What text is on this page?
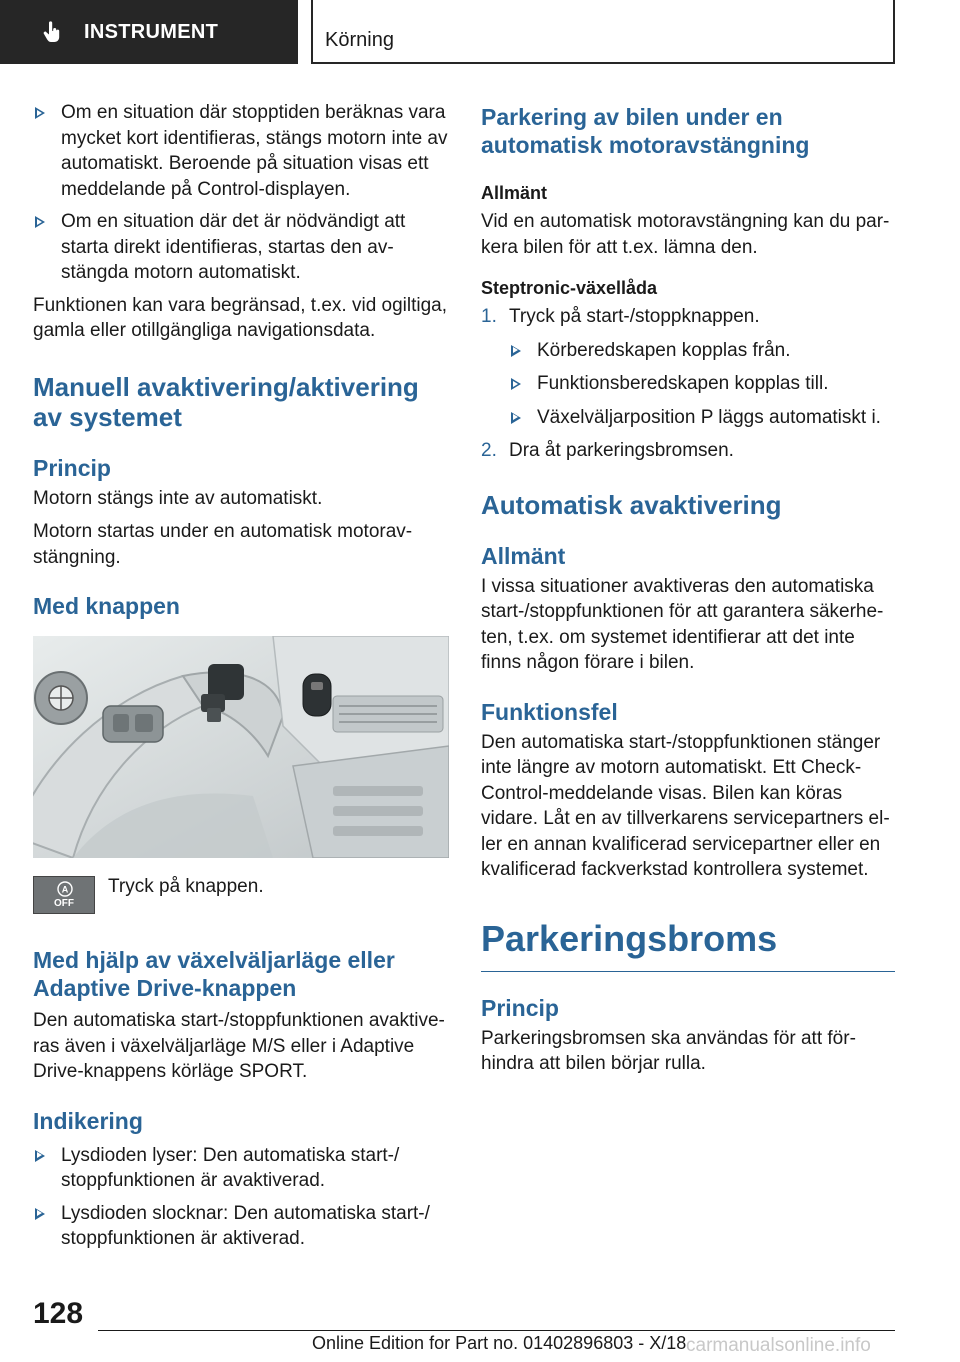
INSTRUMENT	Körning
Om en situation där stopptiden beräknas vara mycket kort identifieras, stängs motorn inte av automatiskt. Beroende på situation visas ett meddelande på Control-displayen.
Om en situation där det är nödvändigt att starta direkt identifieras, startas den av-stängda motorn automatiskt.

Funktionen kan vara begränsad, t.ex. vid ogiltiga, gamla eller otillgängliga navigationsdata.

Manuell avaktivering/aktivering av systemet
Princip

Motorn stängs inte av automatiskt.

Motorn startas under en automatisk motorav-stängning.

Med knappen
A
OFF

Tryck på knappen.

Med hjälp av växelväljarläge eller Adaptive Drive-knappen

Den automatiska start-/stoppfunktionen avaktive-ras även i växelväljarläge M/S eller i Adaptive Drive-knappens körläge SPORT.

Indikering
Lysdioden lyser: Den automatiska start-/ stoppfunktionen är avaktiverad.
Lysdioden slocknar: Den automatiska start-/ stoppfunktionen är aktiverad.
Parkering av bilen under en automatisk motoravstängning
Allmänt

Vid en automatisk motoravstängning kan du par-kera bilen för att t.ex. lämna den.

Steptronic-växellåda
1. Tryck på start-/stoppknappen.
Körberedskapen kopplas från.
Funktionsberedskapen kopplas till.
Växelväljarposition P läggs automatiskt i.
2. Dra åt parkeringsbromsen.
Automatisk avaktivering
Allmänt

I vissa situationer avaktiveras den automatiska start-/stoppfunktionen för att garantera säkerhe-ten, t.ex. om systemet identifierar att det inte finns någon förare i bilen.

Funktionsfel

Den automatiska start-/stoppfunktionen stänger inte längre av motorn automatiskt. Ett Check-Control-meddelande visas. Bilen kan köras vidare. Låt en av tillverkarens servicepartners el-ler en annan kvalificerad servicepartner eller en kvalificerad fackverkstad kontrollera systemet.

Parkeringsbroms
Princip

Parkeringsbromsen ska användas för att för-hindra att bilen börjar rulla.

128
Online Edition for Part no. 01402896803 - X/18 carmanualsonline.info
